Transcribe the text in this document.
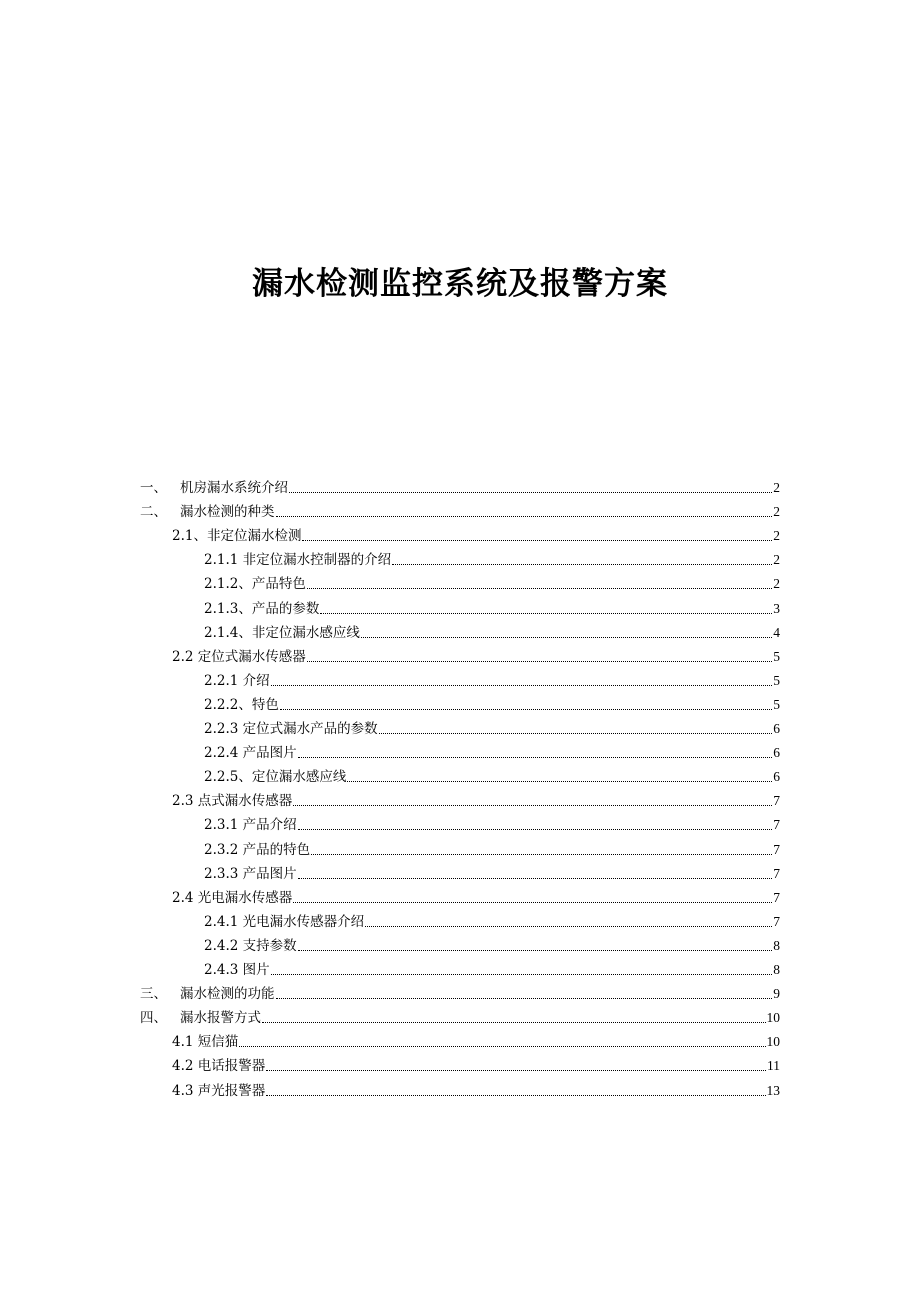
漏水检测监控系统及报警方案
一、 机房漏水系统介绍	2
二、 漏水检测的种类	2
2.1、非定位漏水检测	2
2.1.1 非定位漏水控制器的介绍	2
2.1.2、产品特色	2
2.1.3、产品的参数	3
2.1.4、非定位漏水感应线	4
2.2 定位式漏水传感器	5
2.2.1 介绍	5
2.2.2、特色	5
2.2.3 定位式漏水产品的参数	6
2.2.4 产品图片	6
2.2.5、定位漏水感应线	6
2.3 点式漏水传感器	7
2.3.1 产品介绍	7
2.3.2 产品的特色	7
2.3.3 产品图片	7
2.4 光电漏水传感器	7
2.4.1 光电漏水传感器介绍	7
2.4.2 支持参数	8
2.4.3 图片	8
三、 漏水检测的功能	9
四、 漏水报警方式	10
4.1 短信猫	10
4.2 电话报警器	11
4.3 声光报警器	13
